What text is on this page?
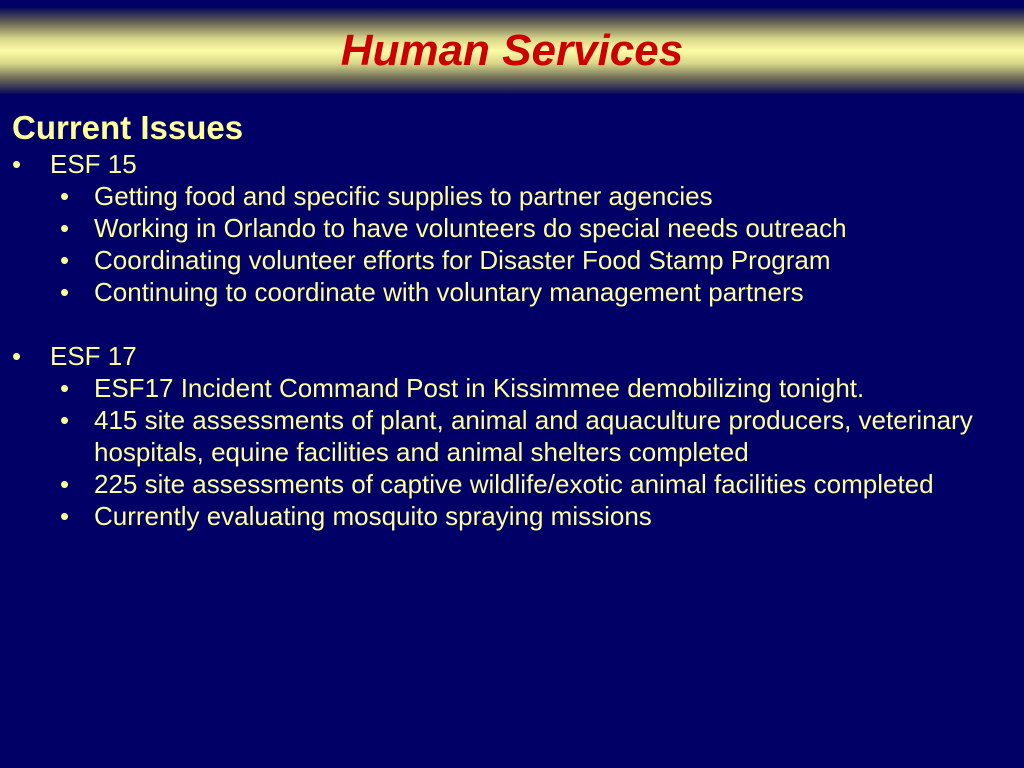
Human Services

Current Issues

•	ESF 15
• Getting food and specific supplies to partner agencies
• Working in Orlando to have volunteers do special needs outreach
• Coordinating volunteer efforts for Disaster Food Stamp Program
• Continuing to coordinate with voluntary management partners
•	ESF 17
• ESF17 Incident Command Post in Kissimmee demobilizing tonight.
• 415 site assessments of plant, animal and aquaculture producers, veterinary hospitals, equine facilities and animal shelters completed
• 225 site assessments of captive wildlife/exotic animal facilities completed
• Currently evaluating mosquito spraying missions
